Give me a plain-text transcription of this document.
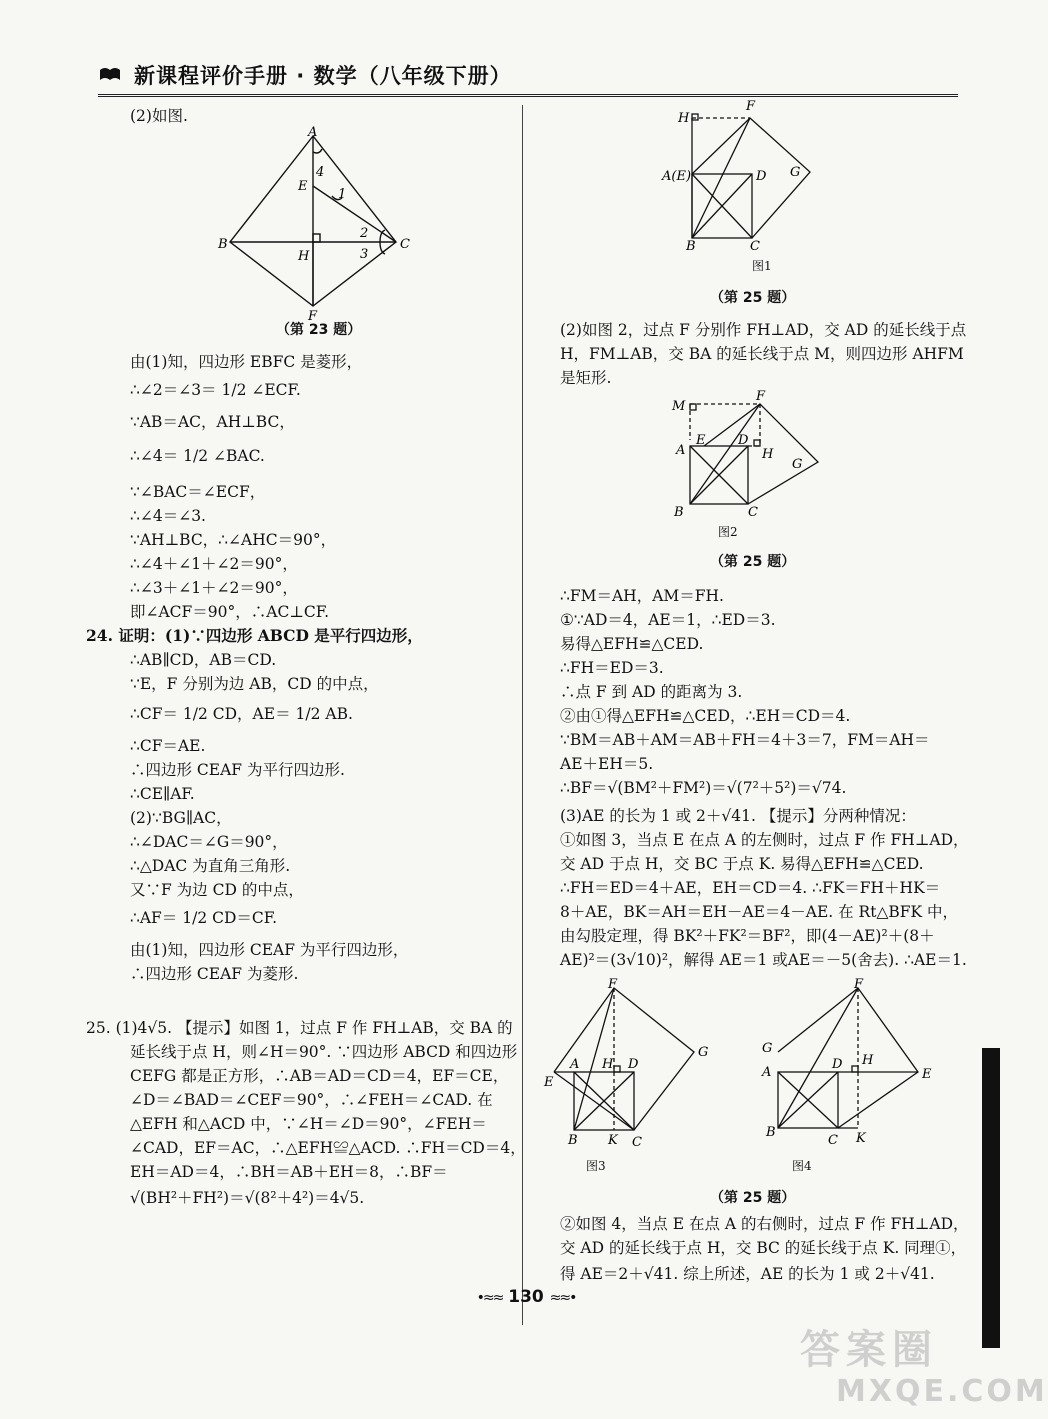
新课程评价手册 · 数学（八年级下册）
(2)如图.
A
E
4
1
2
3
B
H
C
F
（第 23 题）
由(1)知，四边形 EBFC 是菱形，
∴∠2＝∠3＝ 1/2 ∠ECF.
∵AB＝AC，AH⊥BC，
∴∠4＝ 1/2 ∠BAC.
∵∠BAC＝∠ECF，
∴∠4＝∠3.
∵AH⊥BC，∴∠AHC＝90°，
∴∠4＋∠1＋∠2＝90°，
∴∠3＋∠1＋∠2＝90°，
即∠ACF＝90°，∴AC⊥CF.
24. 证明：(1)∵四边形 ABCD 是平行四边形，
∴AB∥CD，AB＝CD.
∵E，F 分别为边 AB，CD 的中点，
∴CF＝ 1/2 CD，AE＝ 1/2 AB.
∴CF＝AE.
∴四边形 CEAF 为平行四边形.
∴CE∥AF.
(2)∵BG∥AC，
∴∠DAC＝∠G＝90°，
∴△DAC 为直角三角形.
又∵F 为边 CD 的中点，
∴AF＝ 1/2 CD＝CF.
由(1)知，四边形 CEAF 为平行四边形，
∴四边形 CEAF 为菱形.
25. (1)4√5. 【提示】如图 1，过点 F 作 FH⊥AB，交 BA 的
延长线于点 H，则∠H＝90°. ∵四边形 ABCD 和四边形
CEFG 都是正方形，∴AB＝AD＝CD＝4，EF＝CE，
∠D＝∠BAD＝∠CEF＝90°，∴∠FEH＝∠CAD. 在
△EFH 和△ACD 中，∵∠H＝∠D＝90°，∠FEH＝
∠CAD，EF＝AC，∴△EFH≌△ACD. ∴FH＝CD＝4，
EH＝AD＝4，∴BH＝AB＋EH＝8，∴BF＝
√(BH²＋FH²)＝√(8²＋4²)＝4√5.
H
F
A(E)	D G
B	C
图1
（第 25 题）
(2)如图 2，过点 F 分别作 FH⊥AD，交 AD 的延长线于点
H，FM⊥AB，交 BA 的延长线于点 M，则四边形 AHFM
是矩形.
M
F
A
E	D
H
G
B	C
图2
（第 25 题）
∴FM＝AH，AM＝FH.
①∵AD＝4，AE＝1，∴ED＝3.
易得△EFH≌△CED.
∴FH＝ED＝3.
∴点 F 到 AD 的距离为 3.
②由①得△EFH≌△CED，∴EH＝CD＝4.
∵BM＝AB＋AM＝AB＋FH＝4＋3＝7，FM＝AH＝
AE＋EH＝5.
∴BF＝√(BM²＋FM²)＝√(7²＋5²)＝√74.
(3)AE 的长为 1 或 2＋√41. 【提示】分两种情况：
①如图 3，当点 E 在点 A 的左侧时，过点 F 作 FH⊥AD，
交 AD 于点 H，交 BC 于点 K. 易得△EFH≌△CED.
∴FH＝ED＝4＋AE，EH＝CD＝4. ∴FK＝FH＋HK＝
8＋AE，BK＝AH＝EH－AE＝4－AE. 在 Rt△BFK 中，
由勾股定理，得 BK²＋FK²＝BF²，即(4－AE)²＋(8＋
AE)²＝(3√10)²，解得 AE＝1 或AE＝－5(舍去). ∴AE＝1.
F
G
E
A H D
B K C
图3
F
G
A
D H
E
B
C K
图4
（第 25 题）
②如图 4，当点 E 在点 A 的右侧时，过点 F 作 FH⊥AD，
交 AD 的延长线于点 H，交 BC 的延长线于点 K. 同理①，
得 AE＝2＋√41. 综上所述，AE 的长为 1 或 2＋√41.
•≈≈ 130 ≈≈•
答案圈
MXQE.COM
